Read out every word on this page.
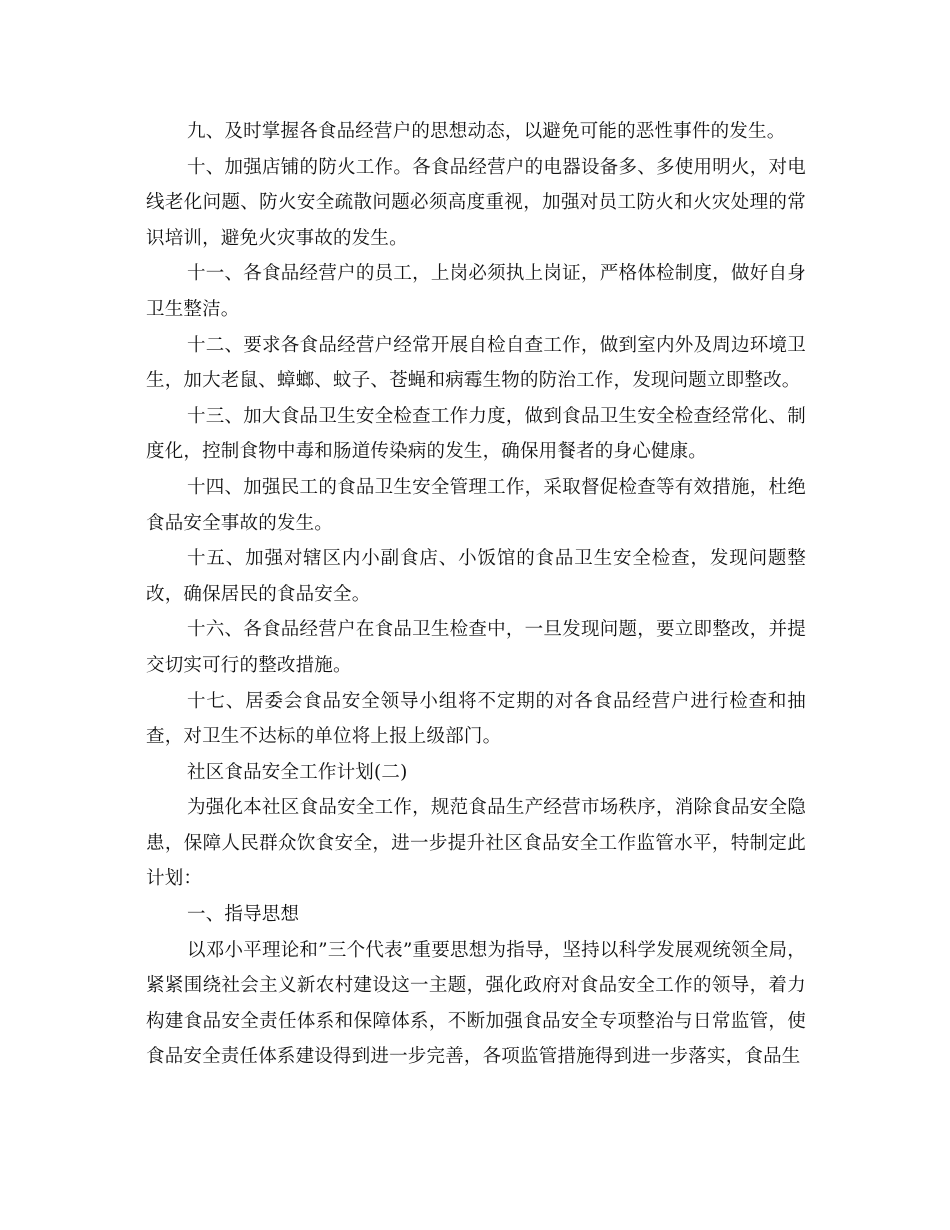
九、及时掌握各食品经营户的思想动态，以避免可能的恶性事件的发生。

十、加强店铺的防火工作。各食品经营户的电器设备多、多使用明火，对电线老化问题、防火安全疏散问题必须高度重视，加强对员工防火和火灾处理的常识培训，避免火灾事故的发生。

十一、各食品经营户的员工，上岗必须执上岗证，严格体检制度，做好自身卫生整洁。

十二、要求各食品经营户经常开展自检自查工作，做到室内外及周边环境卫生，加大老鼠、蟑螂、蚊子、苍蝇和病霉生物的防治工作，发现问题立即整改。

十三、加大食品卫生安全检查工作力度，做到食品卫生安全检查经常化、制度化，控制食物中毒和肠道传染病的发生，确保用餐者的身心健康。

十四、加强民工的食品卫生安全管理工作，采取督促检查等有效措施，杜绝食品安全事故的发生。

十五、加强对辖区内小副食店、小饭馆的食品卫生安全检查，发现问题整改，确保居民的食品安全。

十六、各食品经营户在食品卫生检查中，一旦发现问题，要立即整改，并提交切实可行的整改措施。

十七、居委会食品安全领导小组将不定期的对各食品经营户进行检查和抽查，对卫生不达标的单位将上报上级部门。

社区食品安全工作计划(二)

为强化本社区食品安全工作，规范食品生产经营市场秩序，消除食品安全隐患，保障人民群众饮食安全，进一步提升社区食品安全工作监管水平，特制定此计划：

一、指导思想

以邓小平理论和”三个代表”重要思想为指导，坚持以科学发展观统领全局，紧紧围绕社会主义新农村建设这一主题，强化政府对食品安全工作的领导，着力构建食品安全责任体系和保障体系，不断加强食品安全专项整治与日常监管，使食品安全责任体系建设得到进一步完善，各项监管措施得到进一步落实，食品生
